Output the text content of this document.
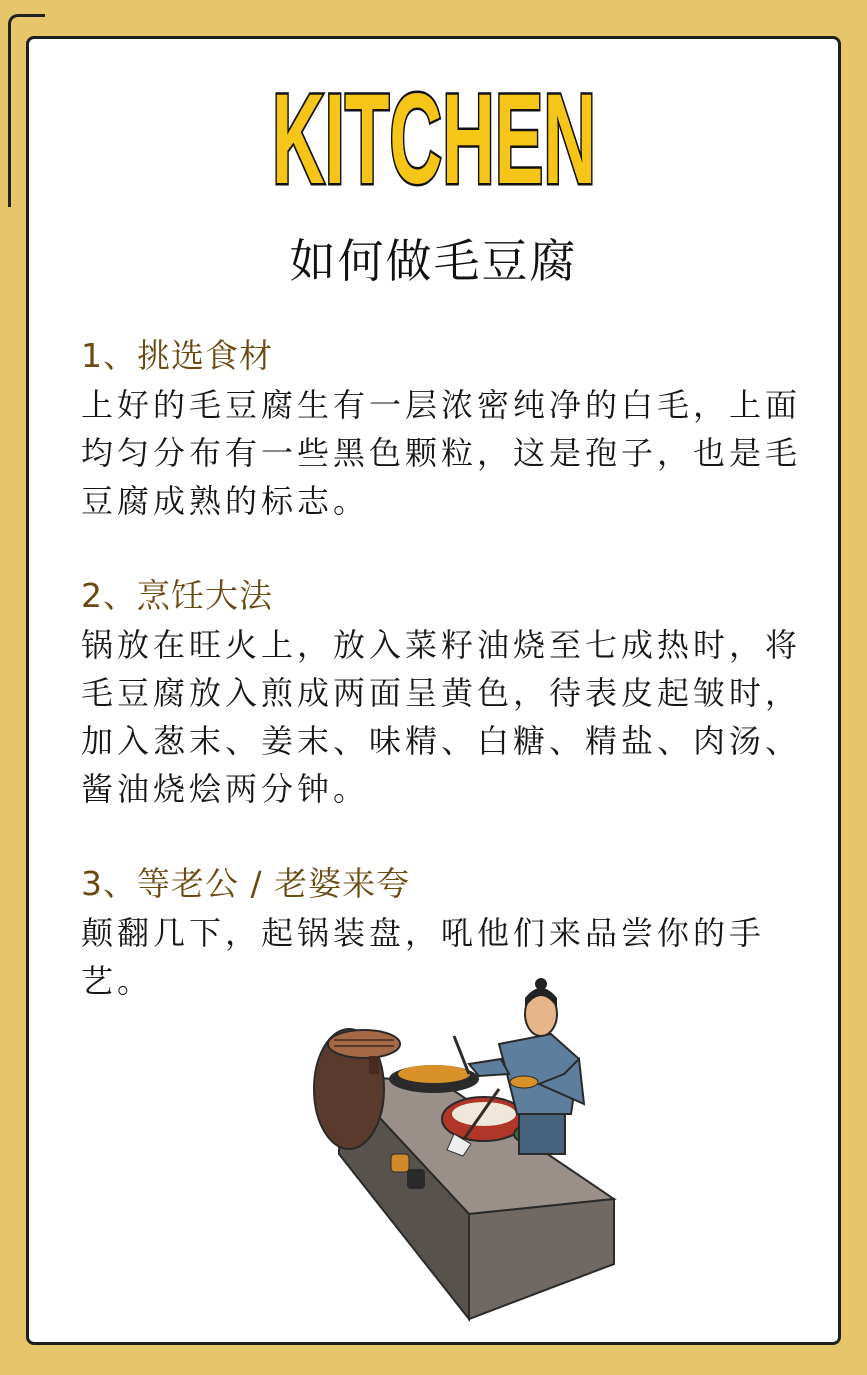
KITCHEN
如何做毛豆腐
1、挑选食材
上好的毛豆腐生有一层浓密纯净的白毛，上面均匀分布有一些黑色颗粒，这是孢子，也是毛豆腐成熟的标志。
2、烹饪大法
锅放在旺火上，放入菜籽油烧至七成热时，将毛豆腐放入煎成两面呈黄色，待表皮起皱时，加入葱末、姜末、味精、白糖、精盐、肉汤、酱油烧烩两分钟。
3、等老公 / 老婆来夸
颠翻几下，起锅装盘，吼他们来品尝你的手艺。
